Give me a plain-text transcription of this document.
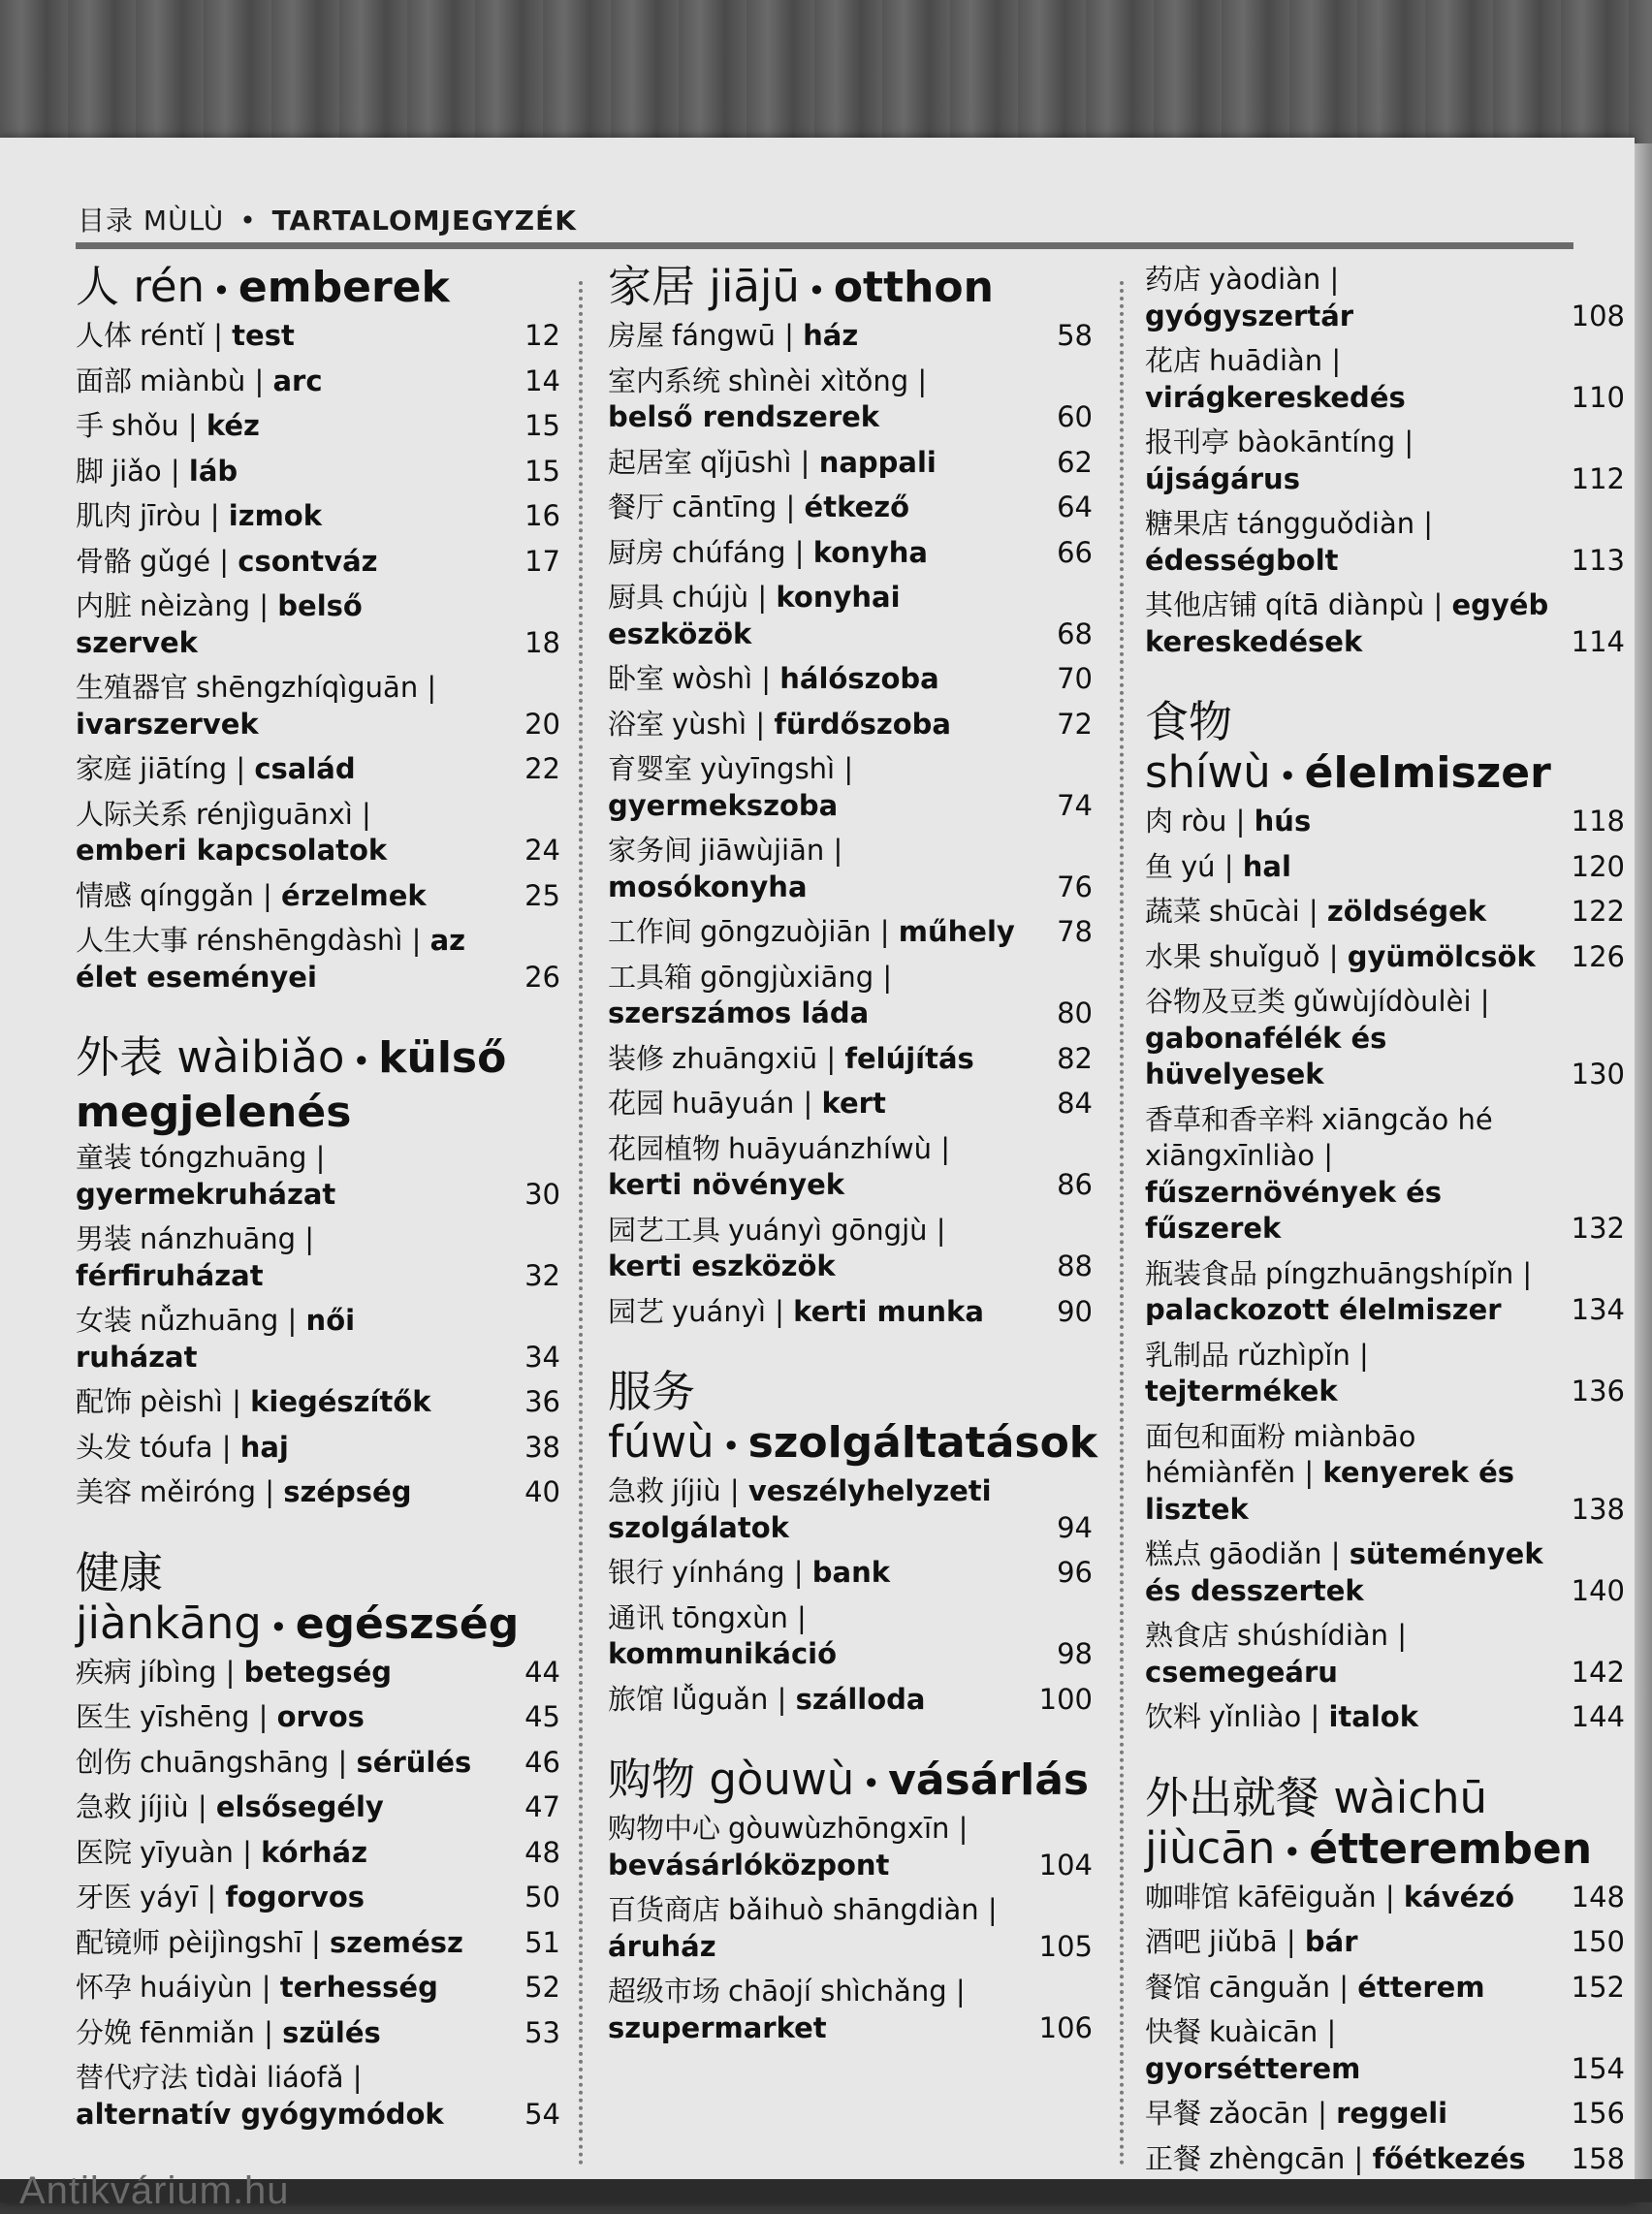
目录 MÙLÙ • TARTALOMJEGYZÉK
人 rén • emberek
人体 réntǐ | test	12
面部 miànbù | arc	14
手 shǒu | kéz	15
脚 jiǎo | láb	15
肌肉 jīròu | izmok	16
骨骼 gǔgé | csontváz	17
内脏 nèizàng | belső szervek	18
生殖器官 shēngzhíqìguān | ivarszervek	20
家庭 jiātíng | család	22
人际关系 rénjìguānxì | emberi kapcsolatok	24
情感 qínggǎn | érzelmek	25
人生大事 rénshēngdàshì | az élet eseményei	26
外表 wàibiǎo • külső megjelenés
童装 tóngzhuāng | gyermekruházat	30
男装 nánzhuāng | férfiruházat	32
女装 nǚzhuāng | női ruházat	34
配饰 pèishì | kiegészítők	36
头发 tóufa | haj	38
美容 měiróng | szépség	40
健康 jiànkāng • egészség
疾病 jíbìng | betegség	44
医生 yīshēng | orvos	45
创伤 chuāngshāng | sérülés	46
急救 jíjiù | elsősegély	47
医院 yīyuàn | kórház	48
牙医 yáyī | fogorvos	50
配镜师 pèijìngshī | szemész	51
怀孕 huáiyùn | terhesség	52
分娩 fēnmiǎn | szülés	53
替代疗法 tìdài liáofǎ | alternatív gyógymódok	54
家居 jiājū • otthon
房屋 fángwū | ház	58
室内系统 shìnèi xìtǒng | belső rendszerek	60
起居室 qǐjūshì | nappali	62
餐厅 cāntīng | étkező	64
厨房 chúfáng | konyha	66
厨具 chújù | konyhai eszközök	68
卧室 wòshì | hálószoba	70
浴室 yùshì | fürdőszoba	72
育婴室 yùyīngshì | gyermekszoba	74
家务间 jiāwùjiān | mosókonyha	76
工作间 gōngzuòjiān | műhely	78
工具箱 gōngjùxiāng | szerszámos láda	80
装修 zhuāngxiū | felújítás	82
花园 huāyuán | kert	84
花园植物 huāyuánzhíwù | kerti növények	86
园艺工具 yuányì gōngjù | kerti eszközök	88
园艺 yuányì | kerti munka	90
服务 fúwù • szolgáltatások
急救 jíjiù | veszélyhelyzeti szolgálatok	94
银行 yínháng | bank	96
通讯 tōngxùn | kommunikáció	98
旅馆 lǚguǎn | szálloda	100
购物 gòuwù • vásárlás
购物中心 gòuwùzhōngxīn | bevásárlóközpont	104
百货商店 bǎihuò shāngdiàn | áruház	105
超级市场 chāojí shìchǎng | szupermarket	106
药店 yàodiàn | gyógyszertár	108
花店 huādiàn | virágkereskedés	110
报刊亭 bàokāntíng | újságárus	112
糖果店 tángguǒdiàn | édességbolt	113
其他店铺 qítā diànpù | egyéb kereskedések	114
食物 shíwù • élelmiszer
肉 ròu | hús	118
鱼 yú | hal	120
蔬菜 shūcài | zöldségek	122
水果 shuǐguǒ | gyümölcsök	126
谷物及豆类 gǔwùjídòulèi | gabonafélék és hüvelyesek	130
香草和香辛料 xiāngcǎo hé xiāngxīnliào | fűszernövények és fűszerek	132
瓶装食品 píngzhuāngshípǐn | palackozott élelmiszer	134
乳制品 rǔzhìpǐn | tejtermékek	136
面包和面粉 miànbāo hémiànfěn | kenyerek és lisztek	138
糕点 gāodiǎn | sütemények és desszertek	140
熟食店 shúshídiàn | csemegeáru	142
饮料 yǐnliào | italok	144
外出就餐 wàichū jiùcān • étteremben
咖啡馆 kāfēiguǎn | kávézó	148
酒吧 jiǔbā | bár	150
餐馆 cānguǎn | étterem	152
快餐 kuàicān | gyorsétterem	154
早餐 zǎocān | reggeli	156
正餐 zhèngcān | főétkezés	158
Antikvárium.hu
